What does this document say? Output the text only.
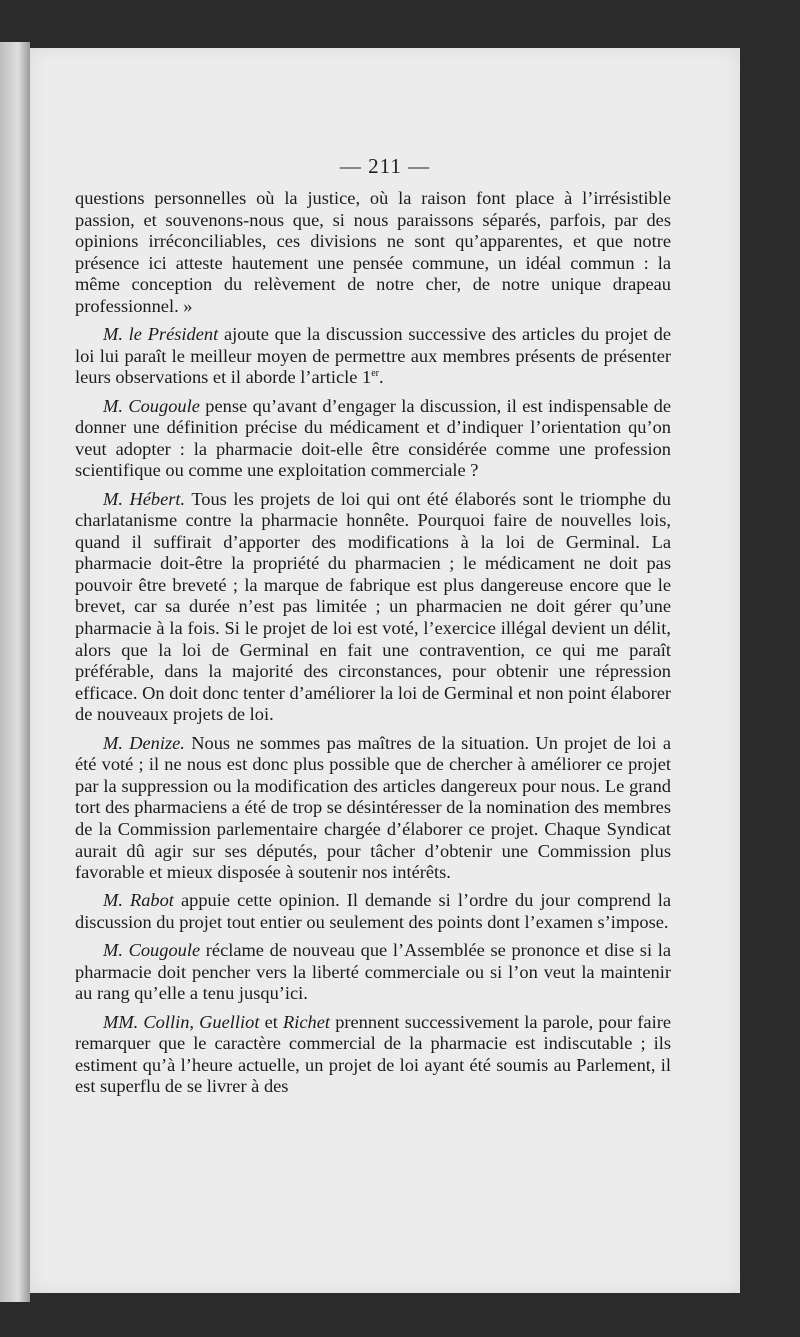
— 211 —

questions personnelles où la justice, où la raison font place à l’irrésistible passion, et souvenons-nous que, si nous paraissons séparés, parfois, par des opinions irréconciliables, ces divisions ne sont qu’apparentes, et que notre présence ici atteste hautement une pensée commune, un idéal commun : la même conception du relèvement de notre cher, de notre unique drapeau professionnel. »

M. le Président ajoute que la discussion successive des articles du projet de loi lui paraît le meilleur moyen de permettre aux membres présents de présenter leurs observations et il aborde l’article 1er.

M. Cougoule pense qu’avant d’engager la discussion, il est indispensable de donner une définition précise du médicament et d’indiquer l’orientation qu’on veut adopter : la pharmacie doit-elle être considérée comme une profession scientifique ou comme une exploitation commerciale ?

M. Hébert. Tous les projets de loi qui ont été élaborés sont le triomphe du charlatanisme contre la pharmacie honnête. Pourquoi faire de nouvelles lois, quand il suffirait d’apporter des modifications à la loi de Germinal. La pharmacie doit-être la propriété du pharmacien ; le médicament ne doit pas pouvoir être breveté ; la marque de fabrique est plus dangereuse encore que le brevet, car sa durée n’est pas limitée ; un pharmacien ne doit gérer qu’une pharmacie à la fois. Si le projet de loi est voté, l’exercice illégal devient un délit, alors que la loi de Germinal en fait une contravention, ce qui me paraît préférable, dans la majorité des circonstances, pour obtenir une répression efficace. On doit donc tenter d’améliorer la loi de Germinal et non point élaborer de nouveaux projets de loi.

M. Denize. Nous ne sommes pas maîtres de la situation. Un projet de loi a été voté ; il ne nous est donc plus possible que de chercher à améliorer ce projet par la suppression ou la modification des articles dangereux pour nous. Le grand tort des pharmaciens a été de trop se désintéresser de la nomination des membres de la Commission parlementaire chargée d’élaborer ce projet. Chaque Syndicat aurait dû agir sur ses députés, pour tâcher d’obtenir une Commission plus favorable et mieux disposée à soutenir nos intérêts.

M. Rabot appuie cette opinion. Il demande si l’ordre du jour comprend la discussion du projet tout entier ou seulement des points dont l’examen s’impose.

M. Cougoule réclame de nouveau que l’Assemblée se prononce et dise si la pharmacie doit pencher vers la liberté commerciale ou si l’on veut la maintenir au rang qu’elle a tenu jusqu’ici.

MM. Collin, Guelliot et Richet prennent successivement la parole, pour faire remarquer que le caractère commercial de la pharmacie est indiscutable ; ils estiment qu’à l’heure actuelle, un projet de loi ayant été soumis au Parlement, il est superflu de se livrer à des
